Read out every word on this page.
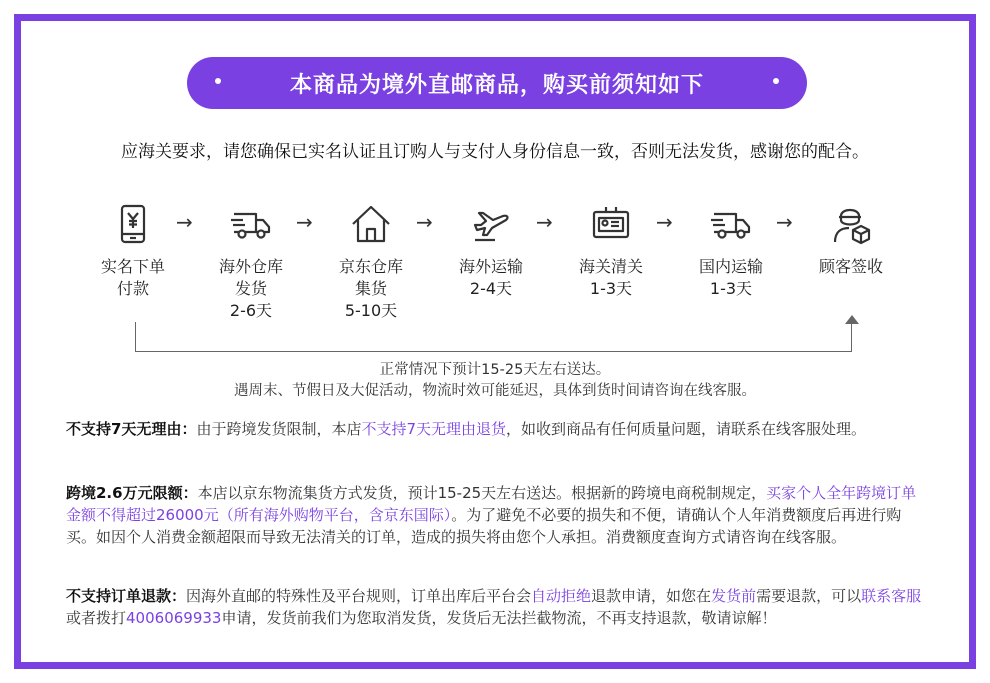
本商品为境外直邮商品，购买前须知如下
应海关要求，请您确保已实名认证且订购人与支付人身份信息一致，否则无法发货，感谢您的配合。
实名下单
付款
→
海外仓库
发货
2-6天
→
京东仓库
集货
5-10天
→
海外运输
2-4天
→
海关清关
1-3天
→
国内运输
1-3天
→
顾客签收
正常情况下预计15-25天左右送达。
遇周末、节假日及大促活动，物流时效可能延迟，具体到货时间请咨询在线客服。
不支持7天无理由：由于跨境发货限制，本店不支持7天无理由退货，如收到商品有任何质量问题，请联系在线客服处理。
跨境2.6万元限额：本店以京东物流集货方式发货，预计15-25天左右送达。根据新的跨境电商税制规定，买家个人全年跨境订单金额不得超过26000元（所有海外购物平台，含京东国际）。为了避免不必要的损失和不便，请确认个人年消费额度后再进行购买。如因个人消费金额超限而导致无法清关的订单，造成的损失将由您个人承担。消费额度查询方式请咨询在线客服。
不支持订单退款：因海外直邮的特殊性及平台规则，订单出库后平台会自动拒绝退款申请，如您在发货前需要退款，可以联系客服或者拨打4006069933申请，发货前我们为您取消发货，发货后无法拦截物流，不再支持退款，敬请谅解！
